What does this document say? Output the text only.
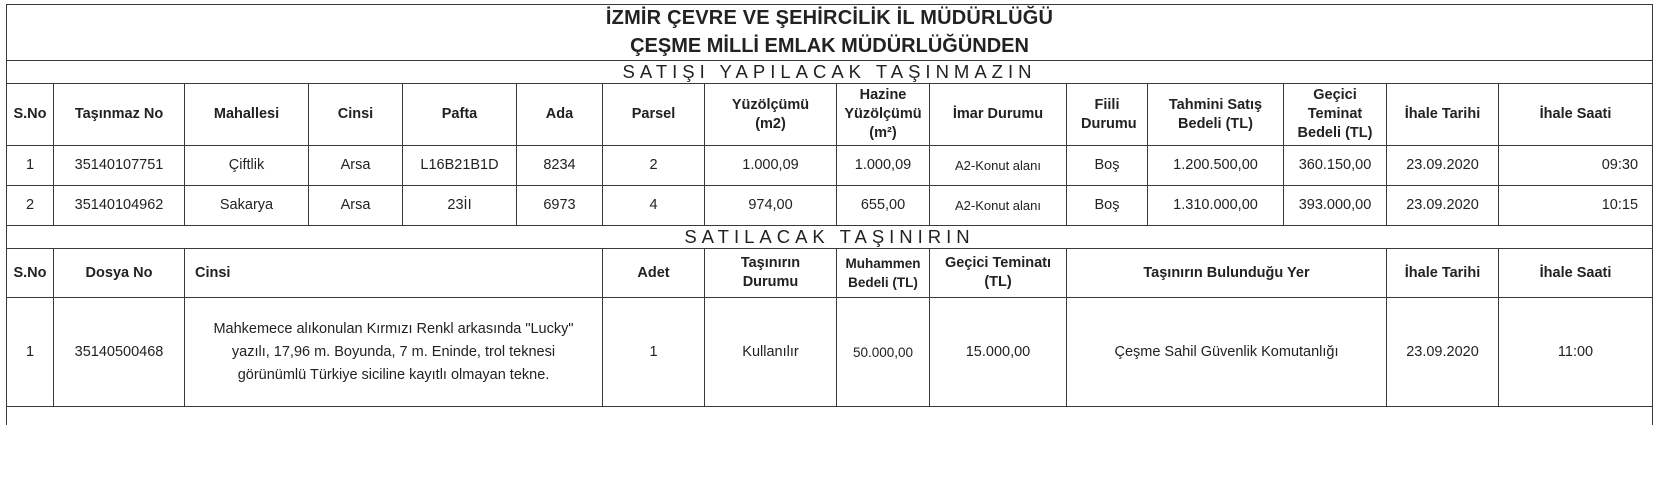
İZMİR ÇEVRE VE ŞEHİRCİLİK İL MÜDÜRLÜĞÜ														
ÇEŞME MİLLİ EMLAK MÜDÜRLÜĞÜNDEN														
SATIŞI YAPILACAK TAŞINMAZIN														
S.No	Taşınmaz No	Mahallesi	Cinsi	Pafta	Ada	Parsel	Yüzölçümü (m2)	Hazine Yüzölçümü (m²)	İmar Durumu	Fiili Durumu	Tahmini Satış Bedeli (TL)	Geçici Teminat Bedeli (TL)	İhale Tarihi	İhale Saati
1	35140107751	Çiftlik	Arsa	L16B21B1D	8234	2	1.000,09	1.000,09	A2-Konut alanı	Boş	1.200.500,00	360.150,00	23.09.2020	09:30
2	35140104962	Sakarya	Arsa	23İI	6973	4	974,00	655,00	A2-Konut alanı	Boş	1.310.000,00	393.000,00	23.09.2020	10:15
SATILACAK TAŞINIRIN														
S.No	Dosya No	Cinsi				Adet	Taşınırın Durumu	Muhammen Bedeli (TL)	Geçici Teminatı (TL)	Taşınırın Bulunduğu Yer			İhale Tarihi	İhale Saati
1	35140500468	Mahkemece alıkonulan Kırmızı Renkl arkasında "Lucky" yazılı, 17,96 m. Boyunda, 7 m. Eninde, trol teknesi görünümlü Türkiye siciline kayıtlı olmayan tekne.				1	Kullanılır	50.000,00	15.000,00	Çeşme Sahil Güvenlik Komutanlığı			23.09.2020	11:00
